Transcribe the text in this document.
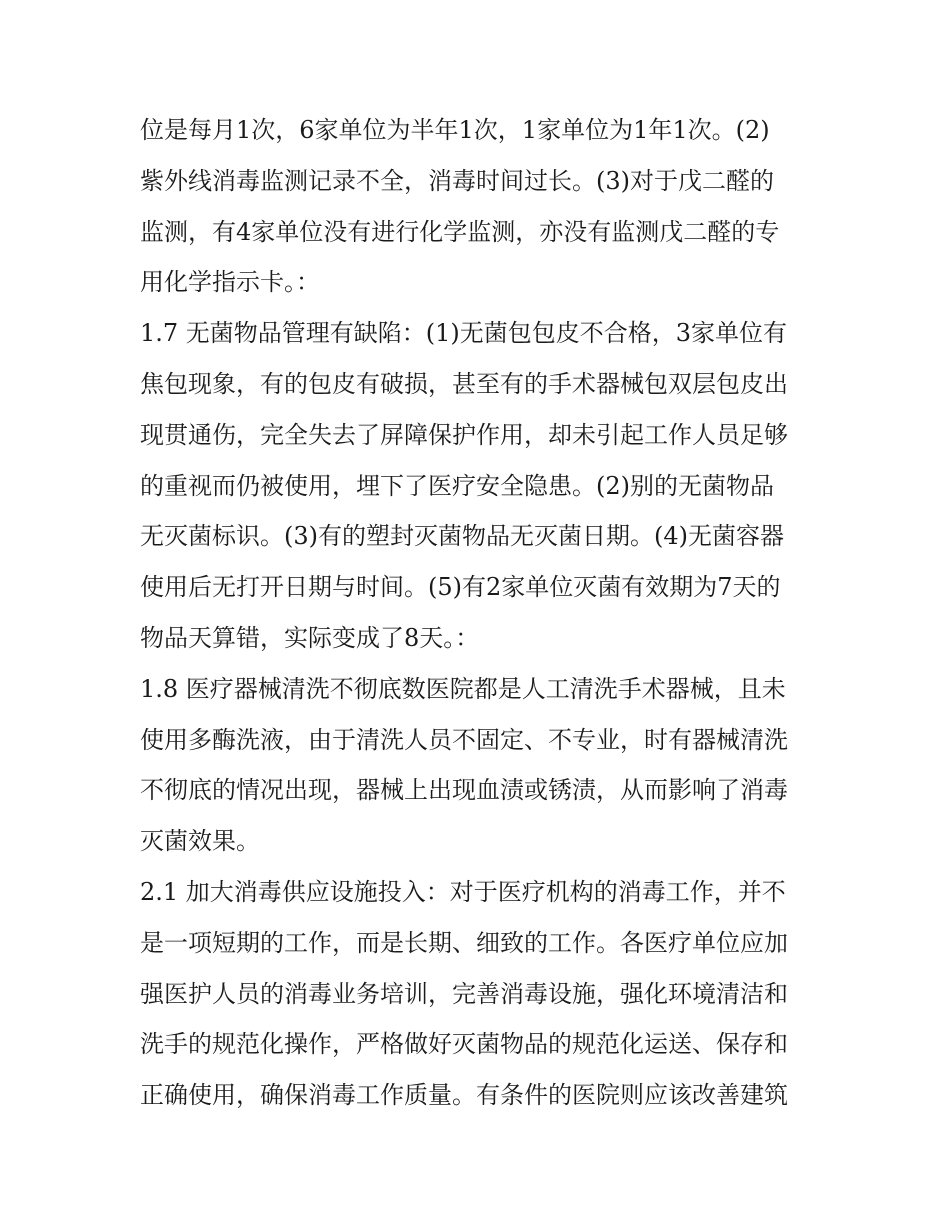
位是每月1次，6家单位为半年1次，1家单位为1年1次。(2)
紫外线消毒监测记录不全，消毒时间过长。(3)对于戊二醛的
监测，有4家单位没有进行化学监测，亦没有监测戊二醛的专
用化学指示卡。：
1.7 无菌物品管理有缺陷：(1)无菌包包皮不合格，3家单位有
焦包现象，有的包皮有破损，甚至有的手术器械包双层包皮出
现贯通伤，完全失去了屏障保护作用，却未引起工作人员足够
的重视而仍被使用，埋下了医疗安全隐患。(2)别的无菌物品
无灭菌标识。(3)有的塑封灭菌物品无灭菌日期。(4)无菌容器
使用后无打开日期与时间。(5)有2家单位灭菌有效期为7天的
物品天算错，实际变成了8天。：
1.8 医疗器械清洗不彻底数医院都是人工清洗手术器械，且未
使用多酶洗液，由于清洗人员不固定、不专业，时有器械清洗
不彻底的情况出现，器械上出现血渍或锈渍，从而影响了消毒
灭菌效果。
2.1 加大消毒供应设施投入：对于医疗机构的消毒工作，并不
是一项短期的工作，而是长期、细致的工作。各医疗单位应加
强医护人员的消毒业务培训，完善消毒设施，强化环境清洁和
洗手的规范化操作，严格做好灭菌物品的规范化运送、保存和
正确使用，确保消毒工作质量。有条件的医院则应该改善建筑
